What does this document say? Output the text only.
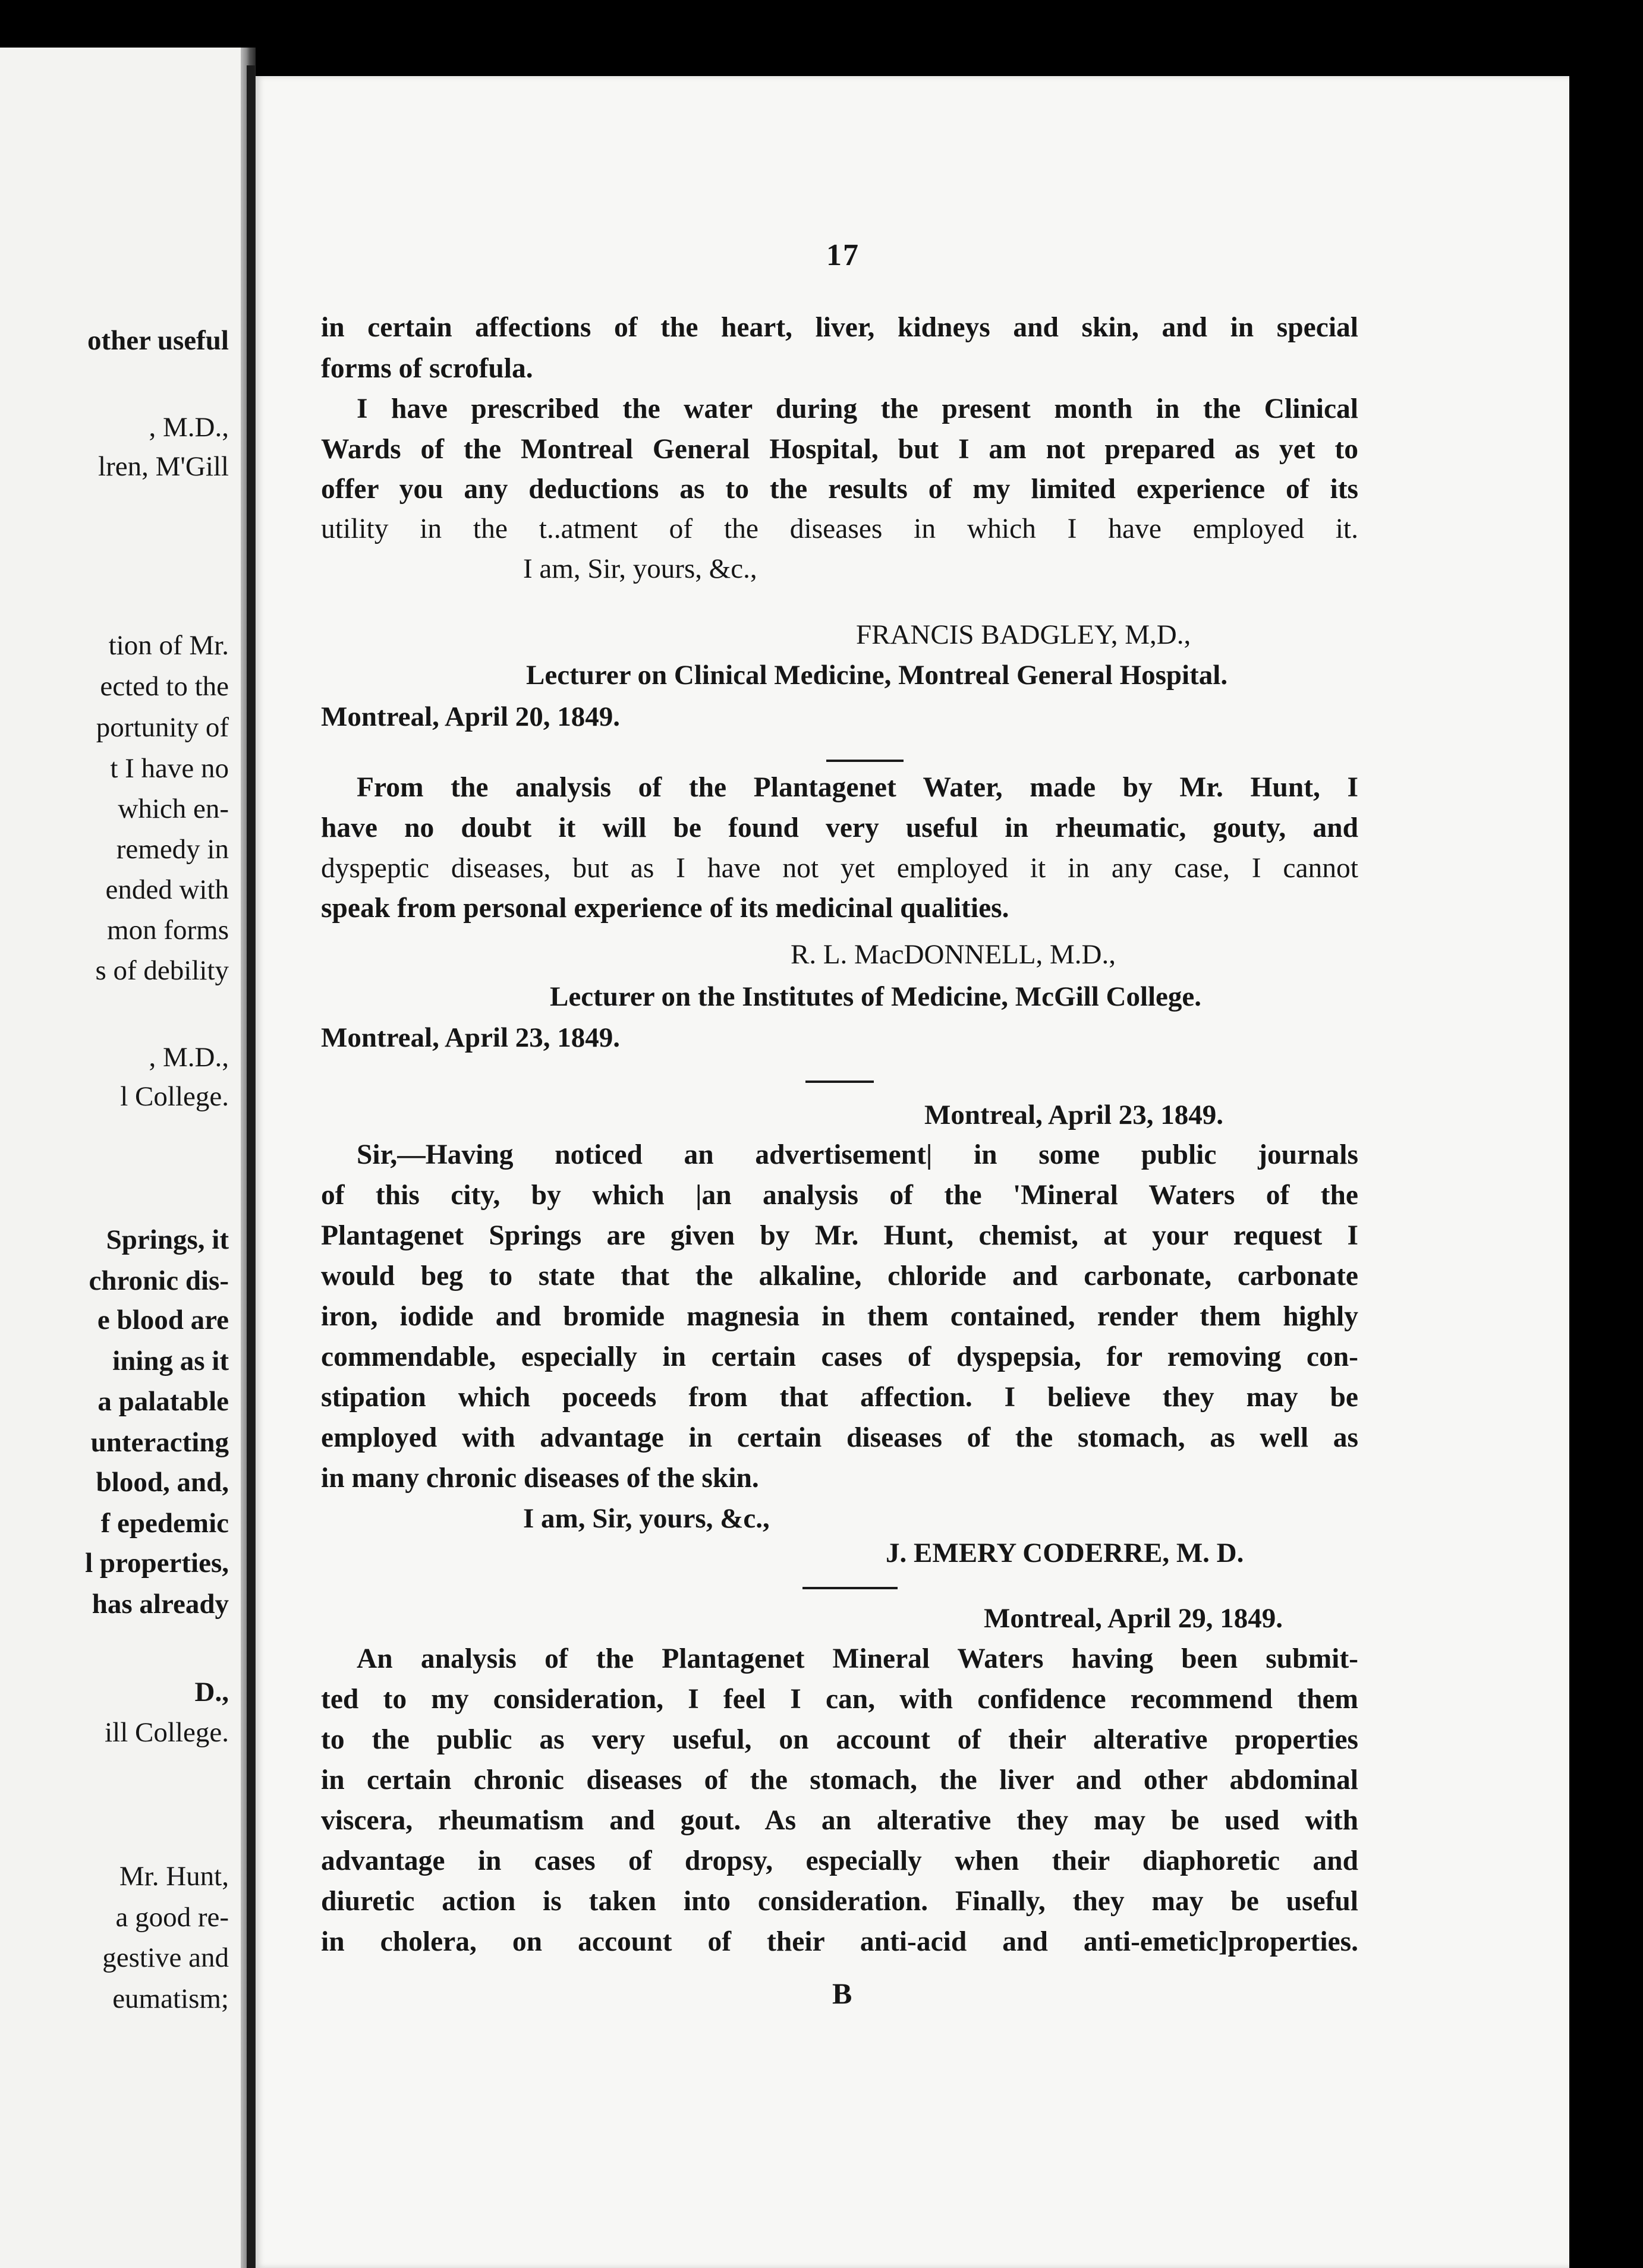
other useful
, M.D.,
lren, M'Gill
tion of Mr.
ected to the
portunity of
t I have no
which en-
remedy in
ended with
mon forms
s of debility
, M.D.,
l College.
Springs, it
chronic dis-
e blood are
ining as it
a palatable
unteracting
blood, and,
f epedemic
l properties,
has already
D.,
ill College.
Mr. Hunt,
a good re-
gestive and
eumatism;
17
in certain affections of the heart, liver, kidneys and skin, and in special
forms of scrofula.
I have prescribed the water during the present month in the Clinical
Wards of the Montreal General Hospital, but I am not prepared as yet to
offer you any deductions as to the results of my limited experience of its
utility in the t..atment of the diseases in which I have employed it.
I am, Sir, yours, &c.,
FRANCIS BADGLEY, M,D.,
Lecturer on Clinical Medicine, Montreal General Hospital.
Montreal, April 20, 1849.
From the analysis of the Plantagenet Water, made by Mr. Hunt, I
have no doubt it will be found very useful in rheumatic, gouty, and
dyspeptic diseases, but as I have not yet employed it in any case, I cannot
speak from personal experience of its medicinal qualities.
R. L. MacDONNELL, M.D.,
Lecturer on the Institutes of Medicine, McGill College.
Montreal, April 23, 1849.
Montreal, April 23, 1849.
Sir,—Having noticed an advertisement| in some public journals
of this city, by which |an analysis of the 'Mineral Waters of the
Plantagenet Springs are given by Mr. Hunt, chemist, at your request I
would beg to state that the alkaline, chloride and carbonate, carbonate
iron, iodide and bromide magnesia in them contained, render them highly
commendable, especially in certain cases of dyspepsia, for removing con-
stipation which poceeds from that affection. I believe they may be
employed with advantage in certain diseases of the stomach, as well as
in many chronic diseases of the skin.
I am, Sir, yours, &c.,
J. EMERY CODERRE, M. D.
Montreal, April 29, 1849.
An analysis of the Plantagenet Mineral Waters having been submit-
ted to my consideration, I feel I can, with confidence recommend them
to the public as very useful, on account of their alterative properties
in certain chronic diseases of the stomach, the liver and other abdominal
viscera, rheumatism and gout. As an alterative they may be used with
advantage in cases of dropsy, especially when their diaphoretic and
diuretic action is taken into consideration. Finally, they may be useful
in cholera, on account of their anti-acid and anti-emetic]properties.
B
